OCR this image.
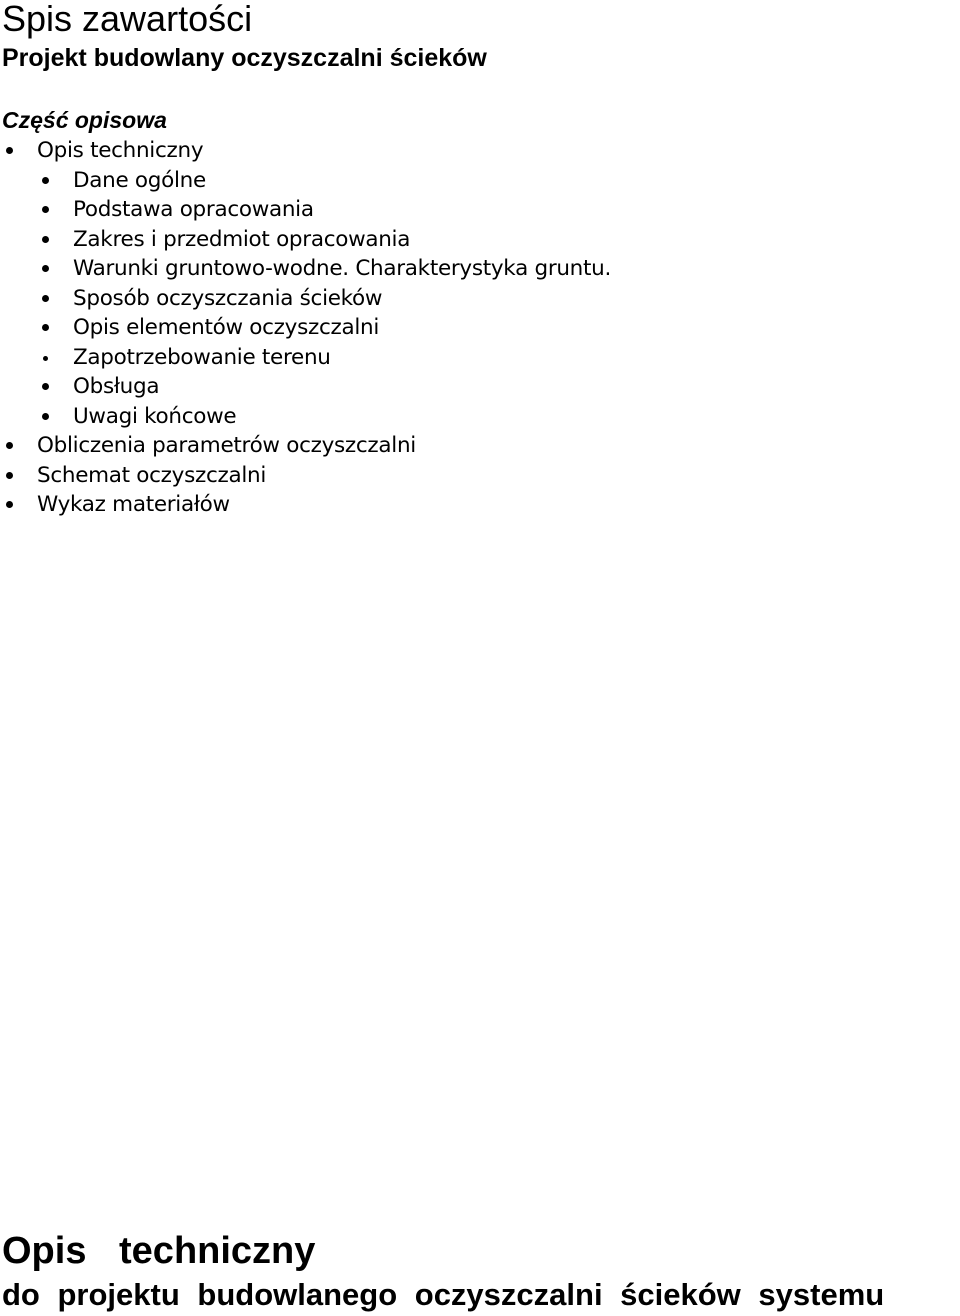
Spis zawartości
Projekt budowlany oczyszczalni ścieków
Część opisowa
Opis techniczny
Dane ogólne
Podstawa opracowania
Zakres i przedmiot opracowania
Warunki gruntowo-wodne. Charakterystyka gruntu.
Sposób oczyszczania ścieków
Opis elementów oczyszczalni
Zapotrzebowanie terenu
Obsługa
Uwagi końcowe
Obliczenia parametrów oczyszczalni
Schemat oczyszczalni
Wykaz materiałów
Opis techniczny
do projektu budowlanego oczyszczalni ścieków systemu
